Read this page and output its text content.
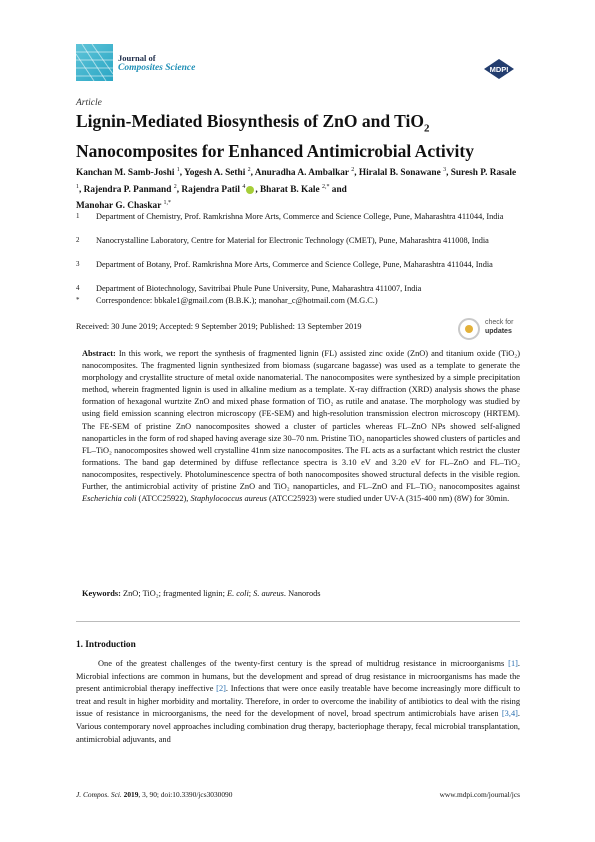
Journal of
Composites Science	MDPI
Article
Lignin-Mediated Biosynthesis of ZnO and TiO$_2$
Nanocomposites for Enhanced Antimicrobial Activity
Kanchan M. Samb-Joshi $^1$, Yogesh A. Sethi $^2$, Anuradha A. Ambalkar $^2$, Hiralal B. Sonawane $^3$, Suresh P. Rasale $^1$, Rajendra P. Panmand $^2$, Rajendra Patil $^4$ , Bharat B. Kale $^{2,*}$ and
Manohar G. Chaskar $^{1,*}$
1	Department of Chemistry, Prof. Ramkrishna More Arts, Commerce and Science College, Pune, Maharashtra 411044, India
2	Nanocrystalline Laboratory, Centre for Material for Electronic Technology (CMET), Pune, Maharashtra 411008, India
3	Department of Botany, Prof. Ramkrishna More Arts, Commerce and Science College, Pune, Maharashtra 411044, India
4	Department of Biotechnology, Savitribai Phule Pune University, Pune, Maharashtra 411007, India
*	Correspondence: bbkale1@gmail.com (B.B.K.); manohar_c@hotmail.com (M.G.C.)
Received: 30 June 2019; Accepted: 9 September 2019; Published: 13 September 2019	check for
updates
Abstract: In this work, we report the synthesis of fragmented lignin (FL) assisted zinc oxide (ZnO) and titanium oxide (TiO₂) nanocomposites. The fragmented lignin synthesized from biomass (sugarcane bagasse) was used as a template to generate the morphology and crystallite structure of metal oxide nanomaterial. The nanocomposites were synthesized by a simple precipitation method, wherein fragmented lignin is used in alkaline medium as a template. X-ray diffraction (XRD) analysis shows the phase formation of hexagonal wurtzite ZnO and mixed phase formation of TiO₂ as rutile and anatase. The morphology was studied by using field emission scanning electron microscopy (FE-SEM) and high-resolution transmission electron microscopy (HRTEM). The FE-SEM of pristine ZnO nanocomposites showed a cluster of particles whereas FL–ZnO NPs showed self-aligned nanoparticles in the form of rod shaped having average size 30–70 nm. Pristine TiO₂ nanoparticles showed clusters of particles and FL–TiO₂ nanocomposites showed well crystalline 41nm size nanocomposites. The FL acts as a surfactant which restrict the cluster formations. The band gap determined by diffuse reflectance spectra is 3.10 eV and 3.20 eV for FL–ZnO and FL–TiO₂ nanocomposites, respectively. Photoluminescence spectra of both nanocomposites showed structural defects in the visible region. Further, the antimicrobial activity of pristine ZnO and TiO₂ nanoparticles, and FL–ZnO and FL–TiO₂ nanocomposites against Escherichia coli (ATCC25922), Staphylococcus aureus (ATCC25923) were studied under UV-A (315-400 nm) (8W) for 30min.
Keywords: ZnO; TiO₂; fragmented lignin; E. coli; S. aureus. Nanorods
1. Introduction
One of the greatest challenges of the twenty-first century is the spread of multidrug resistance in microorganisms [1]. Microbial infections are common in humans, but the development and spread of drug resistance in microorganisms has made the present antimicrobial therapy ineffective [2]. Infections that were once easily treatable have become increasingly more difficult to treat and result in higher morbidity and mortality. Therefore, in order to overcome the inability of antibiotics to deal with the rising issue of resistance in microorganisms, the need for the development of novel, broad spectrum antimicrobials have arisen [3,4]. Various contemporary novel approaches including combination drug therapy, bacteriophage therapy, fecal microbial transplantation, antimicrobial adjuvants, and
J. Compos. Sci. 2019, 3, 90; doi:10.3390/jcs3030090	www.mdpi.com/journal/jcs
